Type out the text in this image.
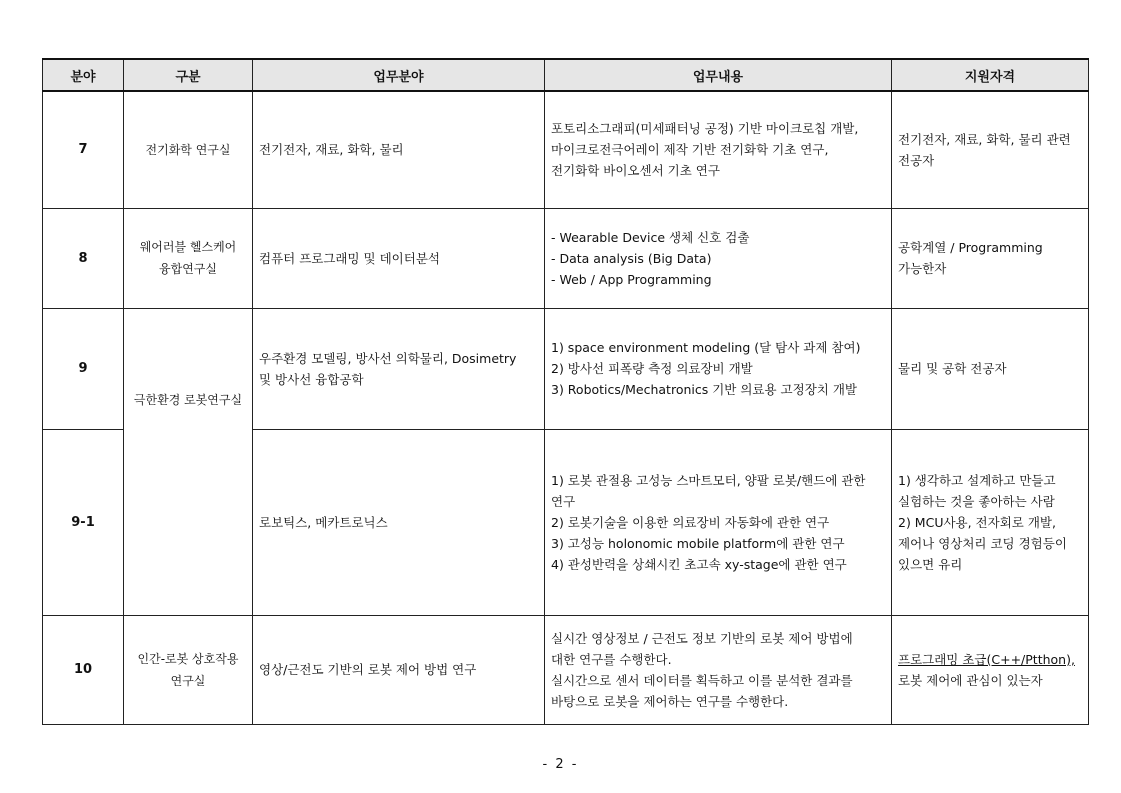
분야	구분	업무분야	업무내용	지원자격
7	전기화학 연구실	전기전자, 재료, 화학, 물리	포토리소그래피(미세패터닝 공정) 기반 마이크로칩 개발,
마이크로전극어레이 제작 기반 전기화학 기초 연구,
전기화학 바이오센서 기초 연구	전기전자, 재료, 화학, 물리 관련
전공자

8	웨어러블 헬스케어
융합연구실	컴퓨터 프로그래밍 및 데이터분석	- Wearable Device 생체 신호 검출
- Data analysis (Big Data)
- Web / App Programming	공학계열 / Programming
가능한자

9	극한환경 로봇연구실	우주환경 모델링, 방사선 의학물리, Dosimetry
및 방사선 융합공학	1) space environment modeling (달 탐사 과제 참여)
2) 방사선 피폭량 측정 의료장비 개발
3) Robotics/Mechatronics 기반 의료용 고정장치 개발	물리 및 공학 전공자

9-1		로보틱스, 메카트로닉스	1) 로봇 관절용 고성능 스마트모터, 양팔 로봇/핸드에 관한
연구
2) 로봇기술을 이용한 의료장비 자동화에 관한 연구
3) 고성능 holonomic mobile platform에 관한 연구
4) 관성반력을 상쇄시킨 초고속 xy-stage에 관한 연구	1) 생각하고 설계하고 만들고
실험하는 것을 좋아하는 사람
2) MCU사용, 전자회로 개발,
제어나 영상처리 코딩 경험등이
있으면 유리

10	인간-로봇 상호작용
연구실	영상/근전도 기반의 로봇 제어 방법 연구	실시간 영상정보 / 근전도 정보 기반의 로봇 제어 방법에
대한 연구를 수행한다.
실시간으로 센서 데이터를 획득하고 이를 분석한 결과를
바탕으로 로봇을 제어하는 연구를 수행한다.	프로그래밍 초급(C++/Ptthon),
로봇 제어에 관심이 있는자
- 2 -
